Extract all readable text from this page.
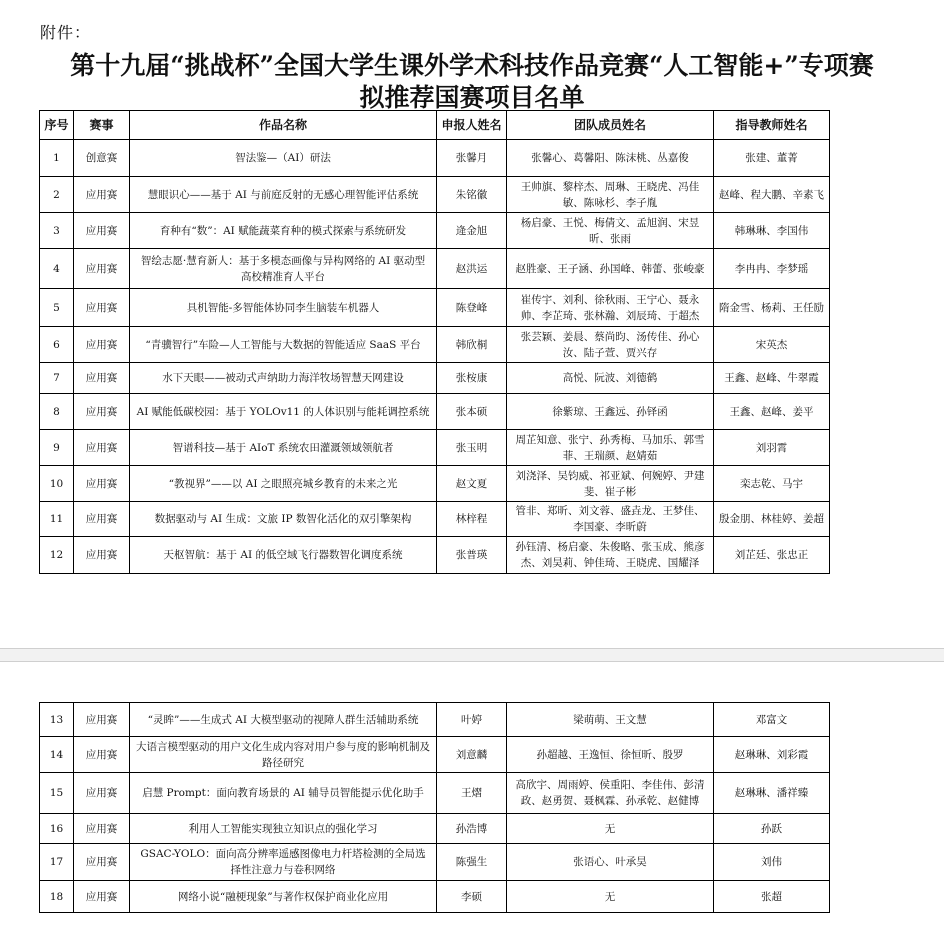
附件：
第十九届“挑战杯”全国大学生课外学术科技作品竞赛“人工智能+”专项赛
拟推荐国赛项目名单
序号	赛事	作品名称	申报人姓名	团队成员姓名	指导教师姓名
1	创意赛	智法鉴—（AI）研法	张馨月	张馨心、葛馨阳、陈沫桃、丛嘉俊	张建、董菁
2	应用赛	慧眼识心——基于 AI 与前庭反射的无感心理智能评估系统	朱铭徽	王帅旗、黎梓杰、周琳、王晓虎、冯佳敏、陈咏杉、李子胤	赵峰、程大鹏、辛素飞
3	应用赛	育种有“数”：AI 赋能蔬菜育种的模式探索与系统研发	逄金旭	杨启豪、王悦、梅倩文、孟旭润、宋昱昕、张雨	韩琳琳、李国伟
4	应用赛	智绘志愿·慧育新人：基于多模态画像与异构网络的 AI 驱动型高校精准育人平台	赵洪运	赵胜豪、王子涵、孙国峰、韩蕾、张峻豪	李冉冉、李梦瑶
5	应用赛	具机智能-多智能体协同李生脑装车机器人	陈登峰	崔传宇、刘利、徐秋雨、王宁心、聂永帅、李芷琦、张林瀚、刘辰琦、于超杰	隋金雪、杨莉、王任励
6	应用赛	“青骥智行”车险—人工智能与大数据的智能适应 SaaS 平台	韩欣桐	张芸颖、姜晨、蔡尚昀、汤传佳、孙心汝、陆子萱、贾兴存	宋英杰
7	应用赛	水下天眼——被动式声纳助力海洋牧场智慧天网建设	张桉康	高悦、阮波、刘德鹤	王鑫、赵峰、牛翠霞
8	应用赛	AI 赋能低碳校园：基于 YOLOv11 的人体识别与能耗调控系统	张本硕	徐紫琼、王鑫远、孙铎函	王鑫、赵峰、姜平
9	应用赛	智谱科技—基于 AIoT 系统农田灌溉领域领航者	张玉明	周芷知意、张宁、孙秀梅、马加乐、郭雪菲、王瑞颜、赵婧茹	刘羽霄
10	应用赛	“教视界”——以 AI 之眼照亮城乡教育的未来之光	赵文夏	刘浇泽、吴钧威、祁亚斌、何婉婷、尹建斐、崔子彬	栾志乾、马宇
11	应用赛	数据驱动与 AI 生成：文旅 IP 数智化活化的双引擎架构	林梓程	管非、郑昕、刘文蓉、盛垚龙、王梦佳、李国豪、李昕蔚	殷金朋、林桂婷、姜超
12	应用赛	天枢智航：基于 AI 的低空域飞行器数智化调度系统	张普瑛	孙钰清、杨启豪、朱俊略、张玉成、熊彦杰、刘昊莉、钟佳琦、王晓虎、国耀泽	刘芷廷、张忠正
13	应用赛	“灵眸”——生成式 AI 大模型驱动的视障人群生活辅助系统	叶婷	梁萌萌、王文慧	邓富文
14	应用赛	大语言模型驱动的用户文化生成内容对用户参与度的影响机制及路径研究	刘意麟	孙超越、王逸恒、徐恒昕、殷罗	赵琳琳、刘彩霞
15	应用赛	启慧 Prompt：面向教育场景的 AI 辅导员智能提示优化助手	王熠	高欣宇、周雨婷、侯重阳、李佳伟、彭清政、赵勇贺、聂枫霖、孙承乾、赵健博	赵琳琳、潘祥臻
16	应用赛	利用人工智能实现独立知识点的强化学习	孙浩博	无	孙跃
17	应用赛	GSAC-YOLO：面向高分辨率遥感图像电力杆塔检测的全局选择性注意力与卷积网络	陈强生	张语心、叶承昊	刘伟
18	应用赛	网络小说“融梗现象”与著作权保护商业化应用	李硕	无	张超
